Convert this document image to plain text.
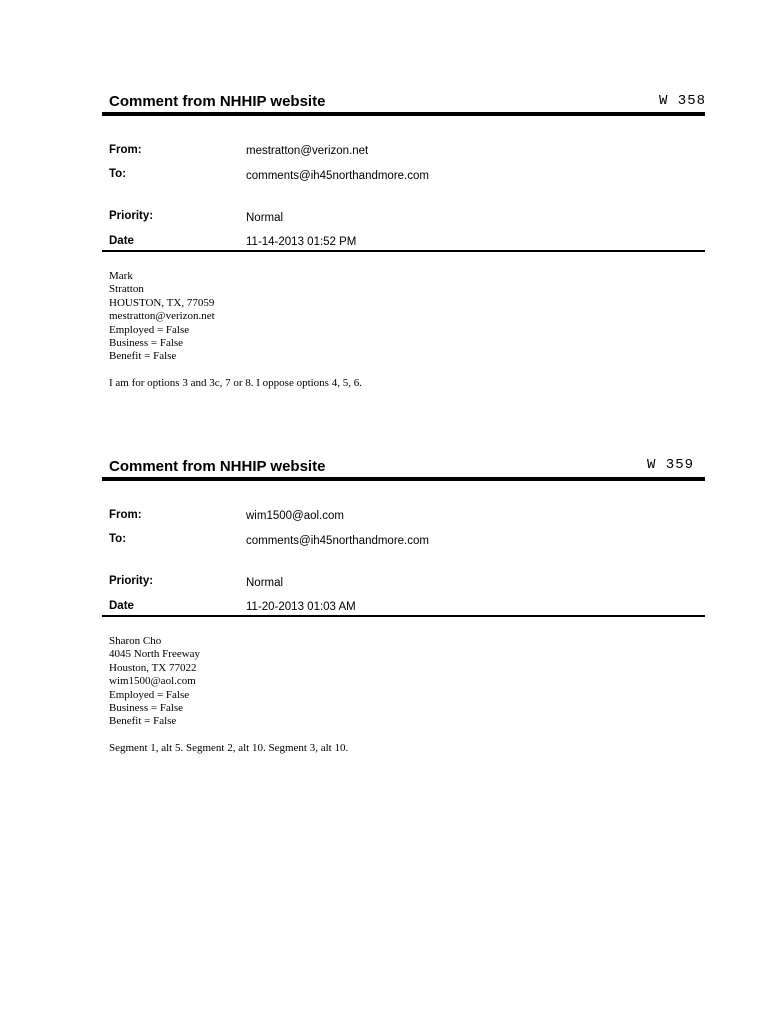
Comment from NHHIP website	W 358
From:	mestratton@verizon.net
To:	comments@ih45northandmore.com
Priority:	Normal
Date	11-14-2013 01:52 PM
Mark
Stratton
HOUSTON, TX, 77059
mestratton@verizon.net
Employed = False
Business = False
Benefit = False
I am for options 3 and 3c, 7 or 8. I oppose options 4, 5, 6.
Comment from NHHIP website	W 359
From:	wim1500@aol.com
To:	comments@ih45northandmore.com
Priority:	Normal
Date	11-20-2013 01:03 AM
Sharon Cho
4045 North Freeway
Houston, TX 77022
wim1500@aol.com
Employed = False
Business = False
Benefit = False
Segment 1, alt 5. Segment 2, alt 10. Segment 3, alt 10.
